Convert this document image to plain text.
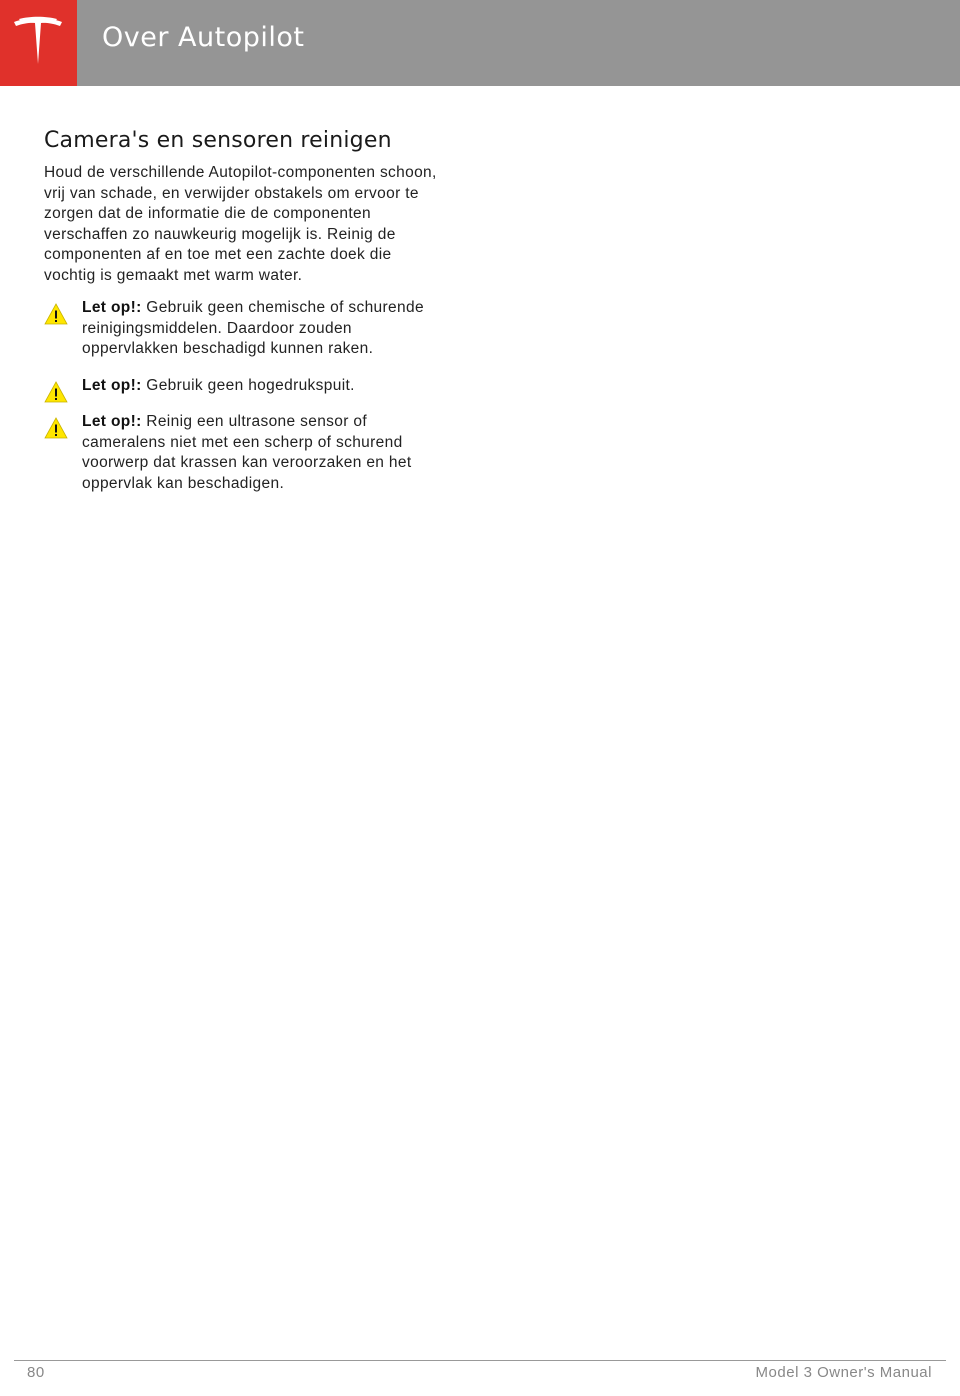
Over Autopilot
Camera's en sensoren reinigen

Houd de verschillende Autopilot-componenten schoon, vrij van schade, en verwijder obstakels om ervoor te zorgen dat de informatie die de componenten verschaffen zo nauwkeurig mogelijk is. Reinig de componenten af en toe met een zachte doek die vochtig is gemaakt met warm water.

Let op!: Gebruik geen chemische of schurende reinigingsmiddelen. Daardoor zouden oppervlakken beschadigd kunnen raken.
Let op!: Gebruik geen hogedrukspuit.
Let op!: Reinig een ultrasone sensor of cameralens niet met een scherp of schurend voorwerp dat krassen kan veroorzaken en het oppervlak kan beschadigen.
80	Model 3 Owner's Manual
